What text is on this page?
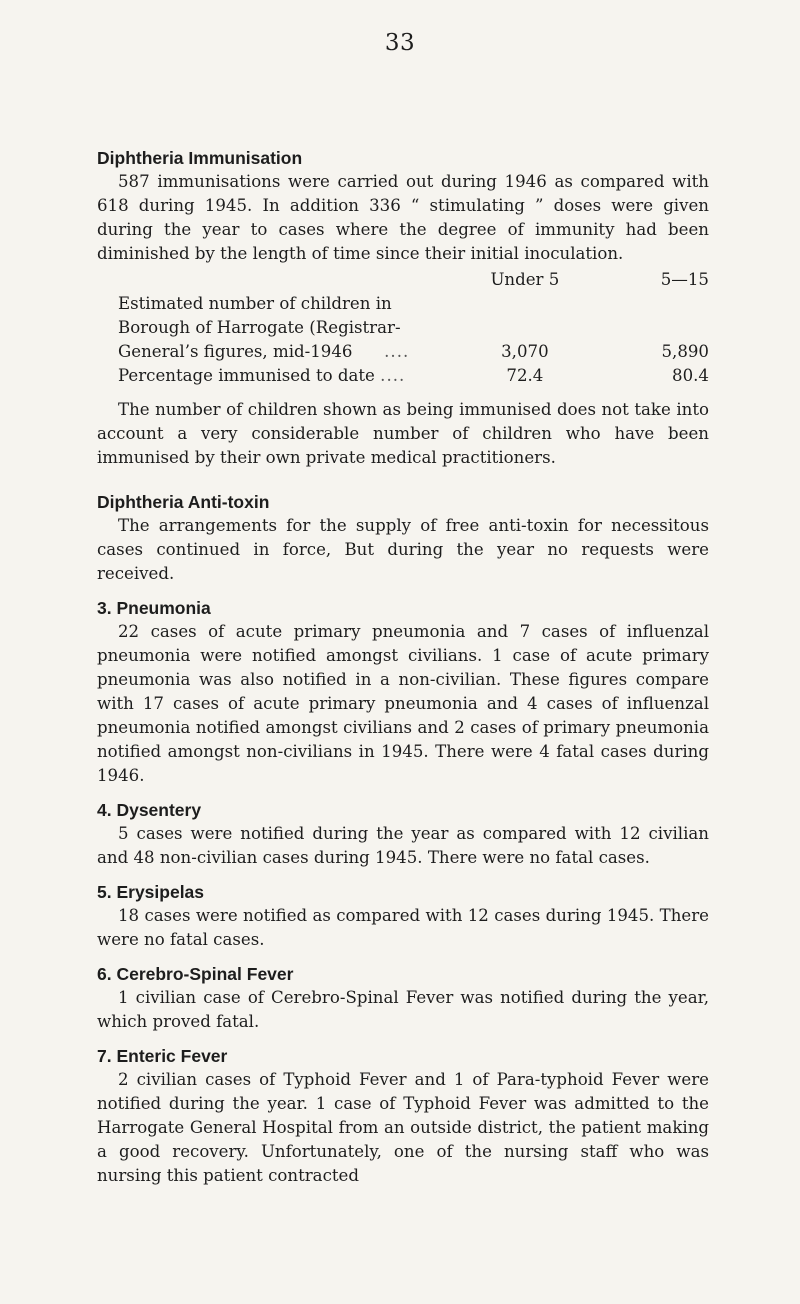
33
Diphtheria Immunisation

587 immunisations were carried out during 1946 as compared with 618 during 1945. In addition 336 “ stimulating ” doses were given during the year to cases where the degree of immunity had been diminished by the length of time since their initial inoculation.

	Under 5	5—15

Estimated number of children in
Borough of Harrogate (Registrar-
General’s figures, mid-1946 ....	3,070	5,890

Percentage immunised to date ....	72.4	80.4

The number of children shown as being immunised does not take into account a very considerable number of children who have been immunised by their own private medical practitioners.

Diphtheria Anti-toxin

The arrangements for the supply of free anti-toxin for necessitous cases continued in force, But during the year no requests were received.

3. Pneumonia

22 cases of acute primary pneumonia and 7 cases of influenzal pneumonia were notified amongst civilians. 1 case of acute primary pneumonia was also notified in a non-civilian. These figures compare with 17 cases of acute primary pneumonia and 4 cases of influenzal pneumonia notified amongst civilians and 2 cases of primary pneumonia notified amongst non-civilians in 1945. There were 4 fatal cases during 1946.

4. Dysentery

5 cases were notified during the year as compared with 12 civilian and 48 non-civilian cases during 1945. There were no fatal cases.

5. Erysipelas

18 cases were notified as compared with 12 cases during 1945. There were no fatal cases.

6. Cerebro-Spinal Fever

1 civilian case of Cerebro-Spinal Fever was notified during the year, which proved fatal.

7. Enteric Fever

2 civilian cases of Typhoid Fever and 1 of Para-typhoid Fever were notified during the year. 1 case of Typhoid Fever was admitted to the Harrogate General Hospital from an outside district, the patient making a good recovery. Unfortunately, one of the nursing staff who was nursing this patient contracted
